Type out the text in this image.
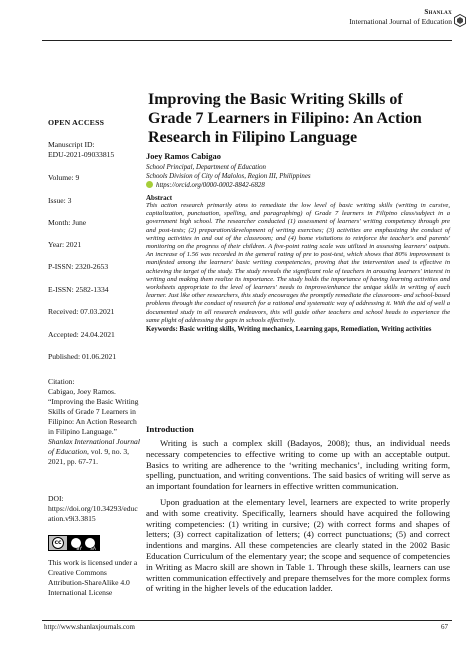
Shanlax
International Journal of Education
Improving the Basic Writing Skills of Grade 7 Learners in Filipino: An Action Research in Filipino Language
OPEN ACCESS
Manuscript ID:
EDU-2021-09033815
Volume: 9
Issue: 3
Month: June
Year: 2021
P-ISSN: 2320-2653
E-ISSN: 2582-1334
Received: 07.03.2021
Accepted: 24.04.2021
Published: 01.06.2021
Citation:
Cabigao, Joey Ramos. “Improving the Basic Writing Skills of Grade 7 Learners in Filipino: An Action Research in Filipino Language.” Shanlax International Journal of Education, vol. 9, no. 3, 2021, pp. 67-71.
DOI:
https://doi.org/10.34293/education.v9i3.3815
cc
BY SA
This work is licensed under a Creative Commons Attribution-ShareAlike 4.0 International License
Joey Ramos Cabigao
School Principal, Department of Education
Schools Division of City of Malolos, Region III, Philippines
https://orcid.org/0000-0002-8842-6828
Abstract
This action research primarily aims to remediate the low level of basic writing skills (writing in cursive, capitalization, punctuation, spelling, and paragraphing) of Grade 7 learners in Filipino class/subject in a government high school. The researcher conducted (1) assessment of learners' writing competency through pre and post-tests; (2) preparation/development of writing exercises; (3) activities are emphasizing the conduct of writing activities in and out of the classroom; and (4) home visitations to reinforce the teacher's and parents' monitoring on the progress of their children. A five-point rating scale was utilized in assessing learners' outputs. An increase of 1.56 was recorded in the general rating of pre to post-test, which shows that 80% improvement is manifested among the learners' basic writing competencies, proving that the intervention used is effective in achieving the target of the study. The study reveals the significant role of teachers in arousing learners' interest in writing and making them realize its importance. The study holds the importance of having learning activities and worksheets appropriate to the level of learners' needs to improve/enhance the unique skills in writing of each learner. Just like other researchers, this study encourages the promptly remediate the classroom- and school-based problems through the conduct of research for a rational and systematic way of addressing it. With the aid of well a documented study in all research endeavors, this will guide other teachers and school heads to experience the same plight of addressing the gaps in schools effectively.
Keywords: Basic writing skills, Writing mechanics, Learning gaps, Remediation, Writing activities
Introduction
Writing is such a complex skill (Badayos, 2008); thus, an individual needs necessary competencies to effective writing to come up with an acceptable output. Basics to writing are adherence to the ‘writing mechanics’, including writing form, spelling, punctuation, and writing conventions. The said basics of writing will serve as an important foundation for learners in effective written communication.
Upon graduation at the elementary level, learners are expected to write properly and with some creativity. Specifically, learners should have acquired the following writing competencies: (1) writing in cursive; (2) with correct forms and shapes of letters; (3) correct capitalization of letters; (4) correct punctuations; (5) and correct indentions and margins. All these competencies are clearly stated in the 2002 Basic Education Curriculum of the elementary year; the scope and sequence of competencies in Writing as Macro skill are shown in Table 1. Through these skills, learners can use written communication effectively and prepare themselves for the more complex forms of writing in the higher levels of the education ladder.
http://www.shanlaxjournals.com	67
